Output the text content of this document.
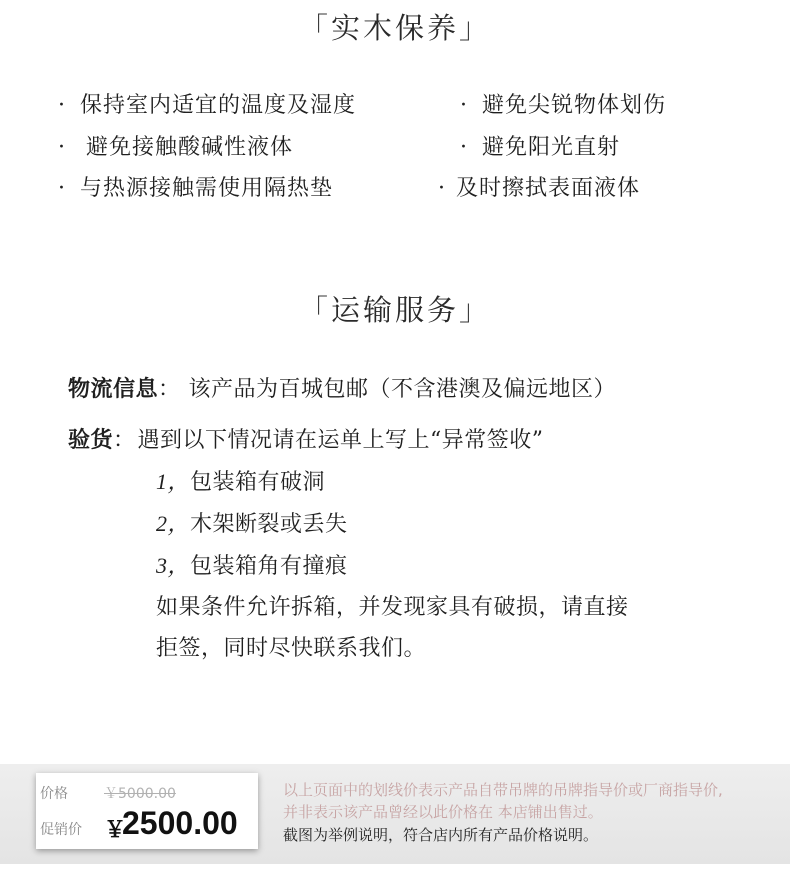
「实木保养」
· 保持室内适宜的温度及湿度	· 避免尖锐物体划伤
· 避免接触酸碱性液体	· 避免阳光直射
· 与热源接触需使用隔热垫	· 及时擦拭表面液体
「运输服务」
物流信息： 该产品为百城包邮（不含港澳及偏远地区）
验货：遇到以下情况请在运单上写上“异常签收”
1，包装箱有破洞
2，木架断裂或丢失
3，包装箱角有撞痕
如果条件允许拆箱，并发现家具有破损，请直接
拒签，同时尽快联系我们。
价格	￥5000.00
促销价 ￥
2500.00
以上页面中的划线价表示产品自带吊牌的吊牌指导价或厂商指导价,
并非表示该产品曾经以此价格在 本店铺出售过。
截图为举例说明，符合店内所有产品价格说明。
